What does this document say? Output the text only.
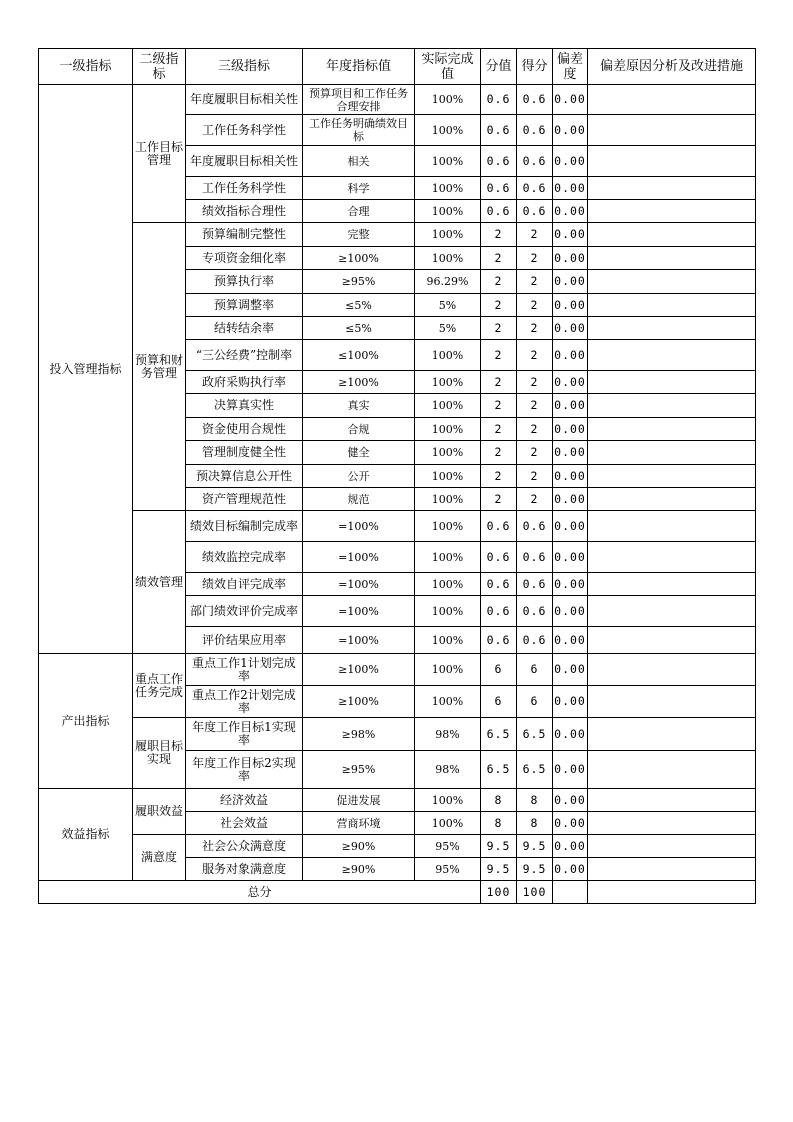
一级指标	二级指标	三级指标	年度指标值	实际完成值	分值	得分	偏差度	偏差原因分析及改进措施
投入管理指标	工作目标管理	年度履职目标相关性	预算项目和工作任务合理安排	100%	0.6	0.6	0.00	
		工作任务科学性	工作任务明确绩效目标	100%	0.6	0.6	0.00	
		年度履职目标相关性	相关	100%	0.6	0.6	0.00	
		工作任务科学性	科学	100%	0.6	0.6	0.00	
		绩效指标合理性	合理	100%	0.6	0.6	0.00	
	预算和财务管理	预算编制完整性	完整	100%	2	2	0.00	
		专项资金细化率	≥100%	100%	2	2	0.00	
		预算执行率	≥95%	96.29%	2	2	0.00	
		预算调整率	≤5%	5%	2	2	0.00	
		结转结余率	≤5%	5%	2	2	0.00	
		“三公经费”控制率	≤100%	100%	2	2	0.00	
		政府采购执行率	≥100%	100%	2	2	0.00	
		决算真实性	真实	100%	2	2	0.00	
		资金使用合规性	合规	100%	2	2	0.00	
		管理制度健全性	健全	100%	2	2	0.00	
		预决算信息公开性	公开	100%	2	2	0.00	
		资产管理规范性	规范	100%	2	2	0.00	
	绩效管理	绩效目标编制完成率	=100%	100%	0.6	0.6	0.00	
		绩效监控完成率	=100%	100%	0.6	0.6	0.00	
		绩效自评完成率	=100%	100%	0.6	0.6	0.00	
		部门绩效评价完成率	=100%	100%	0.6	0.6	0.00	
		评价结果应用率	=100%	100%	0.6	0.6	0.00	
产出指标	重点工作任务完成	重点工作1计划完成率	≥100%	100%	6	6	0.00	
		重点工作2计划完成率	≥100%	100%	6	6	0.00	
	履职目标实现	年度工作目标1实现率	≥98%	98%	6.5	6.5	0.00	
		年度工作目标2实现率	≥95%	98%	6.5	6.5	0.00	
效益指标	履职效益	经济效益	促进发展	100%	8	8	0.00	
		社会效益	营商环境	100%	8	8	0.00	
	满意度	社会公众满意度	≥90%	95%	9.5	9.5	0.00	
		服务对象满意度	≥90%	95%	9.5	9.5	0.00	
总分					100	100		
